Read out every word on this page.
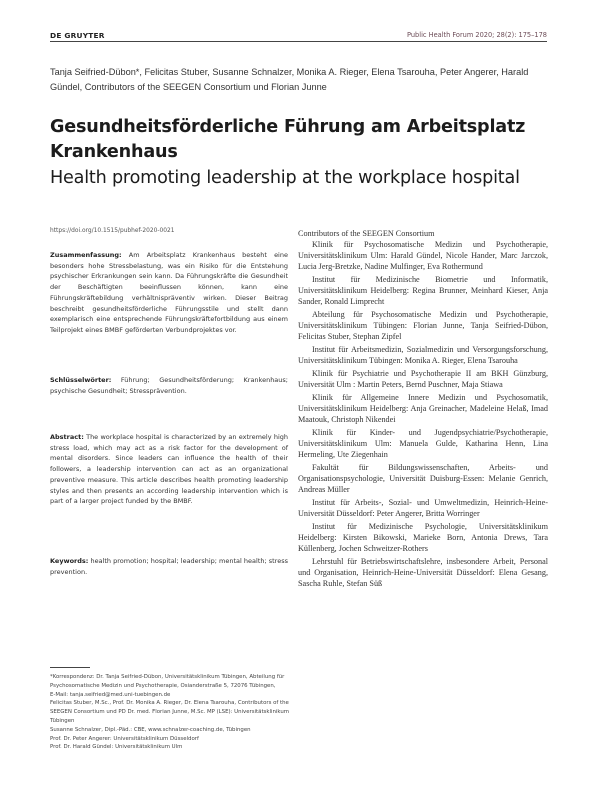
DE GRUYTER	Public Health Forum 2020; 28(2): 175–178
Tanja Seifried-Dübon*, Felicitas Stuber, Susanne Schnalzer, Monika A. Rieger, Elena Tsarouha, Peter Angerer, Harald Gündel, Contributors of the SEEGEN Consortium und Florian Junne
Gesundheitsförderliche Führung am Arbeitsplatz Krankenhaus
Health promoting leadership at the workplace hospital
https://doi.org/10.1515/pubhef-2020-0021
Zusammenfassung: Am Arbeitsplatz Krankenhaus besteht eine besonders hohe Stressbelastung, was ein Risiko für die Entstehung psychischer Erkrankungen sein kann. Da Führungskräfte die Gesundheit der Beschäftigten beeinflussen können, kann eine Führungskräftebildung verhältnispräventiv wirken. Dieser Beitrag beschreibt gesundheitsförderliche Führungsstile und stellt dann exemplarisch eine entsprechende Führungskräftefortbildung aus einem Teilprojekt eines BMBF geförderten Verbundprojektes vor.
Schlüsselwörter: Führung; Gesundheitsförderung; Krankenhaus; psychische Gesundheit; Stressprävention.
Abstract: The workplace hospital is characterized by an extremely high stress load, which may act as a risk factor for the development of mental disorders. Since leaders can influence the health of their followers, a leadership intervention can act as an organizational preventive measure. This article describes health promoting leadership styles and then presents an according leadership intervention which is part of a larger project funded by the BMBF.
Keywords: health promotion; hospital; leadership; mental health; stress prevention.
*Korrespondenz: Dr. Tanja Seifried-Dübon, Universitätsklinikum Tübingen, Abteilung für Psychosomatische Medizin und Psychotherapie, Osianderstraße 5, 72076 Tübingen,
E-Mail: tanja.seifried@med.uni-tuebingen.de
Felicitas Stuber, M.Sc., Prof. Dr. Monika A. Rieger, Dr. Elena Tsarouha, Contributors of the SEEGEN Consortium und PD Dr. med. Florian Junne, M.Sc. MP (LSE): Universitätsklinikum Tübingen
Susanne Schnalzer, Dipl.-Päd.: CBE, www.schnalzer-coaching.de, Tübingen
Prof. Dr. Peter Angerer: Universitätsklinikum Düsseldorf
Prof. Dr. Harald Gündel: Universitätsklinikum Ulm
Contributors of the SEEGEN Consortium

Klinik für Psychosomatische Medizin und Psychotherapie, Universitätsklinikum Ulm: Harald Gündel, Nicole Hander, Marc Jarczok, Lucia Jerg-Bretzke, Nadine Mulfinger, Eva Rothermund

Institut für Medizinische Biometrie und Informatik, Universitätsklinikum Heidelberg: Regina Brunner, Meinhard Kieser, Anja Sander, Ronald Limprecht

Abteilung für Psychosomatische Medizin und Psychotherapie, Universitätsklinikum Tübingen: Florian Junne, Tanja Seifried-Dübon, Felicitas Stuber, Stephan Zipfel

Institut für Arbeitsmedizin, Sozialmedizin und Versorgungsforschung, Universitätsklinikum Tübingen: Monika A. Rieger, Elena Tsarouha

Klinik für Psychiatrie und Psychotherapie II am BKH Günzburg, Universität Ulm : Martin Peters, Bernd Puschner, Maja Stiawa

Klinik für Allgemeine Innere Medizin und Psychosomatik, Universitätsklinikum Heidelberg: Anja Greinacher, Madeleine Helaß, Imad Maatouk, Christoph Nikendei

Klinik für Kinder- und Jugendpsychiatrie/Psychotherapie, Universitätsklinikum Ulm: Manuela Gulde, Katharina Henn, Lina Hermeling, Ute Ziegenhain

Fakultät für Bildungswissenschaften, Arbeits- und Organisationspsychologie, Universität Duisburg-Essen: Melanie Genrich, Andreas Müller

Institut für Arbeits-, Sozial- und Umweltmedizin, Heinrich-Heine-Universität Düsseldorf: Peter Angerer, Britta Worringer

Institut für Medizinische Psychologie, Universitätsklinikum Heidelberg: Kirsten Bikowski, Marieke Born, Antonia Drews, Tara Küllenberg, Jochen Schweitzer-Rothers

Lehrstuhl für Betriebswirtschaftslehre, insbesondere Arbeit, Personal und Organisation, Heinrich-Heine-Universität Düsseldorf: Elena Gesang, Sascha Ruhle, Stefan Süß
